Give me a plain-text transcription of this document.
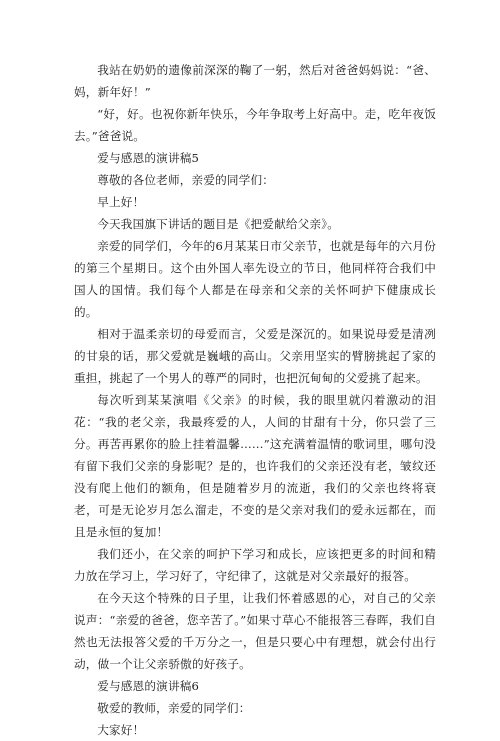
我站在奶奶的遗像前深深的鞠了一躬，然后对爸爸妈妈说：“爸、妈，新年好！”

“好，好。也祝你新年快乐，今年争取考上好高中。走，吃年夜饭去。”爸爸说。

爱与感恩的演讲稿5

尊敬的各位老师，亲爱的同学们：

早上好！

今天我国旗下讲话的题目是《把爱献给父亲》。

亲爱的同学们，今年的6月某某日市父亲节，也就是每年的六月份的第三个星期日。这个由外国人率先设立的节日，他同样符合我们中国人的国情。我们每个人都是在母亲和父亲的关怀呵护下健康成长的。

相对于温柔亲切的母爱而言，父爱是深沉的。如果说母爱是清冽的甘泉的话，那父爱就是巍峨的高山。父亲用坚实的臂膀挑起了家的重担，挑起了一个男人的尊严的同时，也把沉甸甸的父爱挑了起来。

每次听到某某演唱《父亲》的时候，我的眼里就闪着激动的泪花：“我的老父亲，我最疼爱的人，人间的甘甜有十分，你只尝了三分。再苦再累你的脸上挂着温馨……”这充满着温情的歌词里，哪句没有留下我们父亲的身影呢？是的，也许我们的父亲还没有老，皱纹还没有爬上他们的额角，但是随着岁月的流逝，我们的父亲也终将衰老，可是无论岁月怎么溜走，不变的是父亲对我们的爱永远都在，而且是永恒的复加！

我们还小，在父亲的呵护下学习和成长，应该把更多的时间和精力放在学习上，学习好了，守纪律了，这就是对父亲最好的报答。

在今天这个特殊的日子里，让我们怀着感恩的心，对自己的父亲说声：“亲爱的爸爸，您辛苦了。”如果寸草心不能报答三春晖，我们自然也无法报答父爱的千万分之一，但是只要心中有理想，就会付出行动，做一个让父亲骄傲的好孩子。

爱与感恩的演讲稿6

敬爱的教师，亲爱的同学们：

大家好！
